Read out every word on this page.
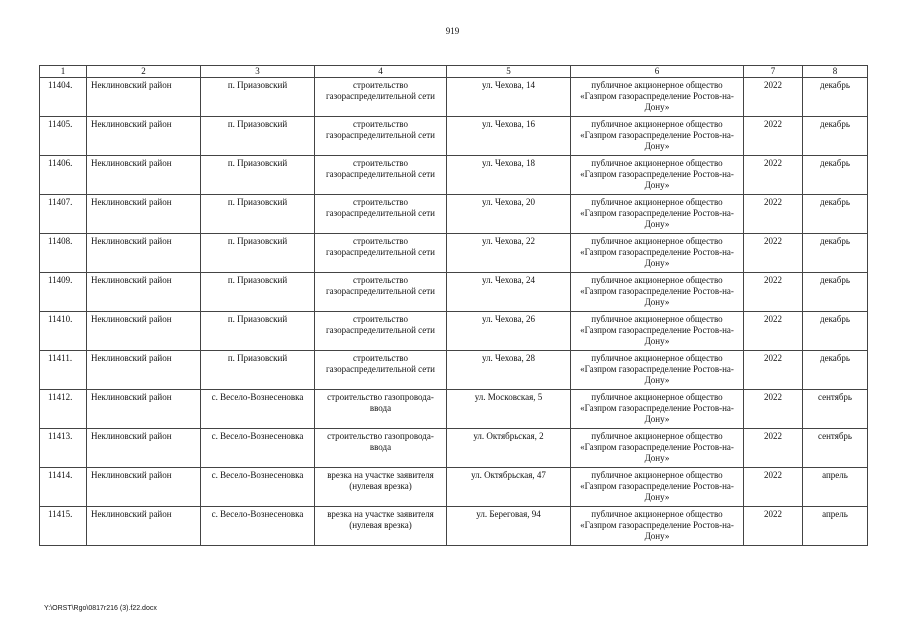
919
1	2	3	4	5	6	7	8
11404.	Неклиновский район	п. Приазовский	строительство газораспределительной сети	ул. Чехова, 14	публичное акционерное общество «Газпром газораспределение Ростов-на-Дону»	2022	декабрь
11405.	Неклиновский район	п. Приазовский	строительство газораспределительной сети	ул. Чехова, 16	публичное акционерное общество «Газпром газораспределение Ростов-на-Дону»	2022	декабрь
11406.	Неклиновский район	п. Приазовский	строительство газораспределительной сети	ул. Чехова, 18	публичное акционерное общество «Газпром газораспределение Ростов-на-Дону»	2022	декабрь
11407.	Неклиновский район	п. Приазовский	строительство газораспределительной сети	ул. Чехова, 20	публичное акционерное общество «Газпром газораспределение Ростов-на-Дону»	2022	декабрь
11408.	Неклиновский район	п. Приазовский	строительство газораспределительной сети	ул. Чехова, 22	публичное акционерное общество «Газпром газораспределение Ростов-на-Дону»	2022	декабрь
11409.	Неклиновский район	п. Приазовский	строительство газораспределительной сети	ул. Чехова, 24	публичное акционерное общество «Газпром газораспределение Ростов-на-Дону»	2022	декабрь
11410.	Неклиновский район	п. Приазовский	строительство газораспределительной сети	ул. Чехова, 26	публичное акционерное общество «Газпром газораспределение Ростов-на-Дону»	2022	декабрь
11411.	Неклиновский район	п. Приазовский	строительство газораспределительной сети	ул. Чехова, 28	публичное акционерное общество «Газпром газораспределение Ростов-на-Дону»	2022	декабрь
11412.	Неклиновский район	с. Весело-Вознесеновка	строительство газопровода-ввода	ул. Московская, 5	публичное акционерное общество «Газпром газораспределение Ростов-на-Дону»	2022	сентябрь
11413.	Неклиновский район	с. Весело-Вознесеновка	строительство газопровода-ввода	ул. Октябрьская, 2	публичное акционерное общество «Газпром газораспределение Ростов-на-Дону»	2022	сентябрь
11414.	Неклиновский район	с. Весело-Вознесеновка	врезка на участке заявителя (нулевая врезка)	ул. Октябрьская, 47	публичное акционерное общество «Газпром газораспределение Ростов-на-Дону»	2022	апрель
11415.	Неклиновский район	с. Весело-Вознесеновка	врезка на участке заявителя (нулевая врезка)	ул. Береговая, 94	публичное акционерное общество «Газпром газораспределение Ростов-на-Дону»	2022	апрель
Y:\ORST\Rgo\0817r216 (3).f22.docx
